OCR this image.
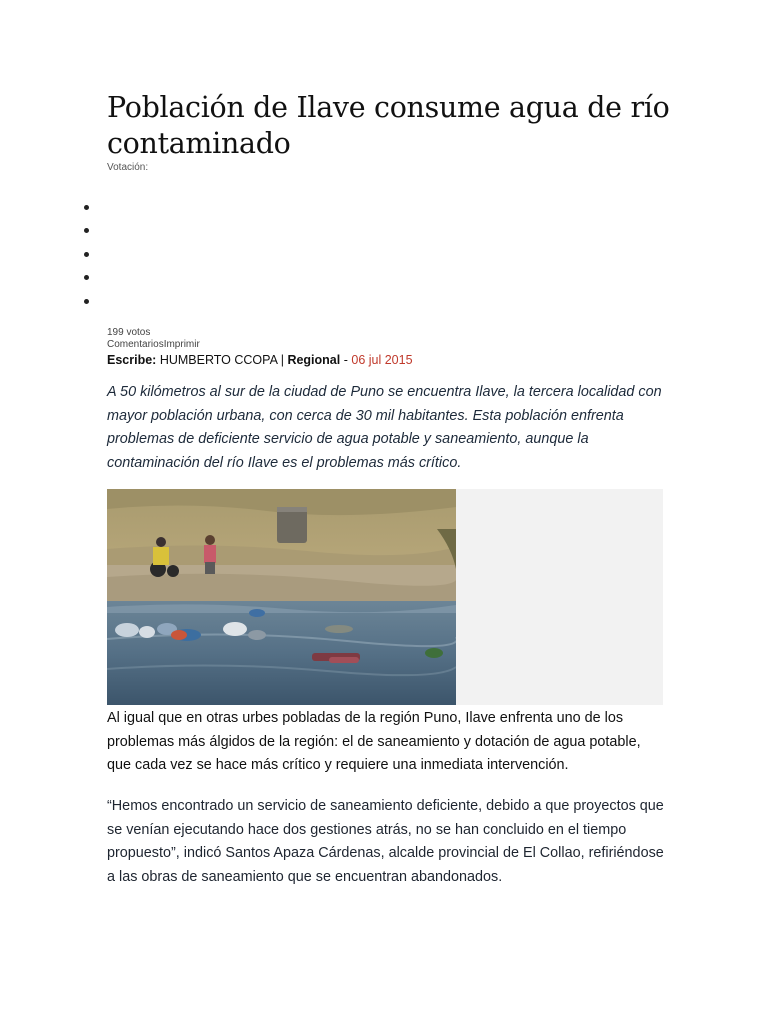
Población de Ilave consume agua de río contaminado
Votación:
199 votos
ComentariosImprimir
Escribe: HUMBERTO CCOPA | Regional - 06 jul 2015

A 50 kilómetros al sur de la ciudad de Puno se encuentra Ilave, la tercera localidad con mayor población urbana, con cerca de 30 mil habitantes. Esta población enfrenta problemas de deficiente servicio de agua potable y saneamiento, aunque la contaminación del río Ilave es el problemas más crítico.

Al igual que en otras urbes pobladas de la región Puno, Ilave enfrenta uno de los problemas más álgidos de la región: el de saneamiento y dotación de agua potable, que cada vez se hace más crítico y requiere una inmediata intervención.

“Hemos encontrado un servicio de saneamiento deficiente, debido a que proyectos que se venían ejecutando hace dos gestiones atrás, no se han concluido en el tiempo propuesto”, indicó Santos Apaza Cárdenas, alcalde provincial de El Collao, refiriéndose a las obras de saneamiento que se encuentran abandonados.
